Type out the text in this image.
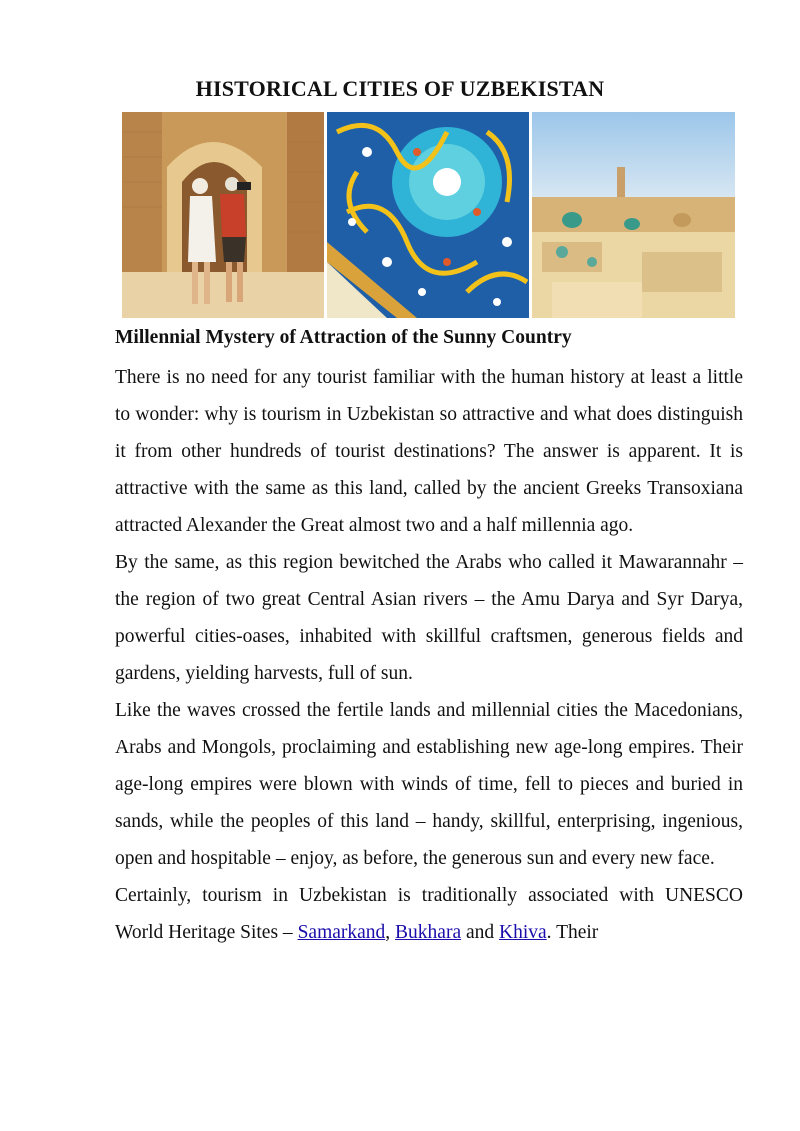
HISTORICAL CITIES OF UZBEKISTAN
Millennial Mystery of Attraction of the Sunny Country

There is no need for any tourist familiar with the human history at least a little to wonder: why is tourism in Uzbekistan so attractive and what does distinguish it from other hundreds of tourist destinations? The answer is apparent. It is attractive with the same as this land, called by the ancient Greeks Transoxiana attracted Alexander the Great almost two and a half millennia ago.

By the same, as this region bewitched the Arabs who called it Mawarannahr – the region of two great Central Asian rivers – the Amu Darya and Syr Darya, powerful cities-oases, inhabited with skillful craftsmen, generous fields and gardens, yielding harvests, full of sun.

Like the waves crossed the fertile lands and millennial cities the Macedonians, Arabs and Mongols, proclaiming and establishing new age-long empires. Their age-long empires were blown with winds of time, fell to pieces and buried in sands, while the peoples of this land – handy, skillful, enterprising, ingenious, open and hospitable – enjoy, as before, the generous sun and every new face.

Certainly, tourism in Uzbekistan is traditionally associated with UNESCO World Heritage Sites – Samarkand, Bukhara and Khiva. Their
